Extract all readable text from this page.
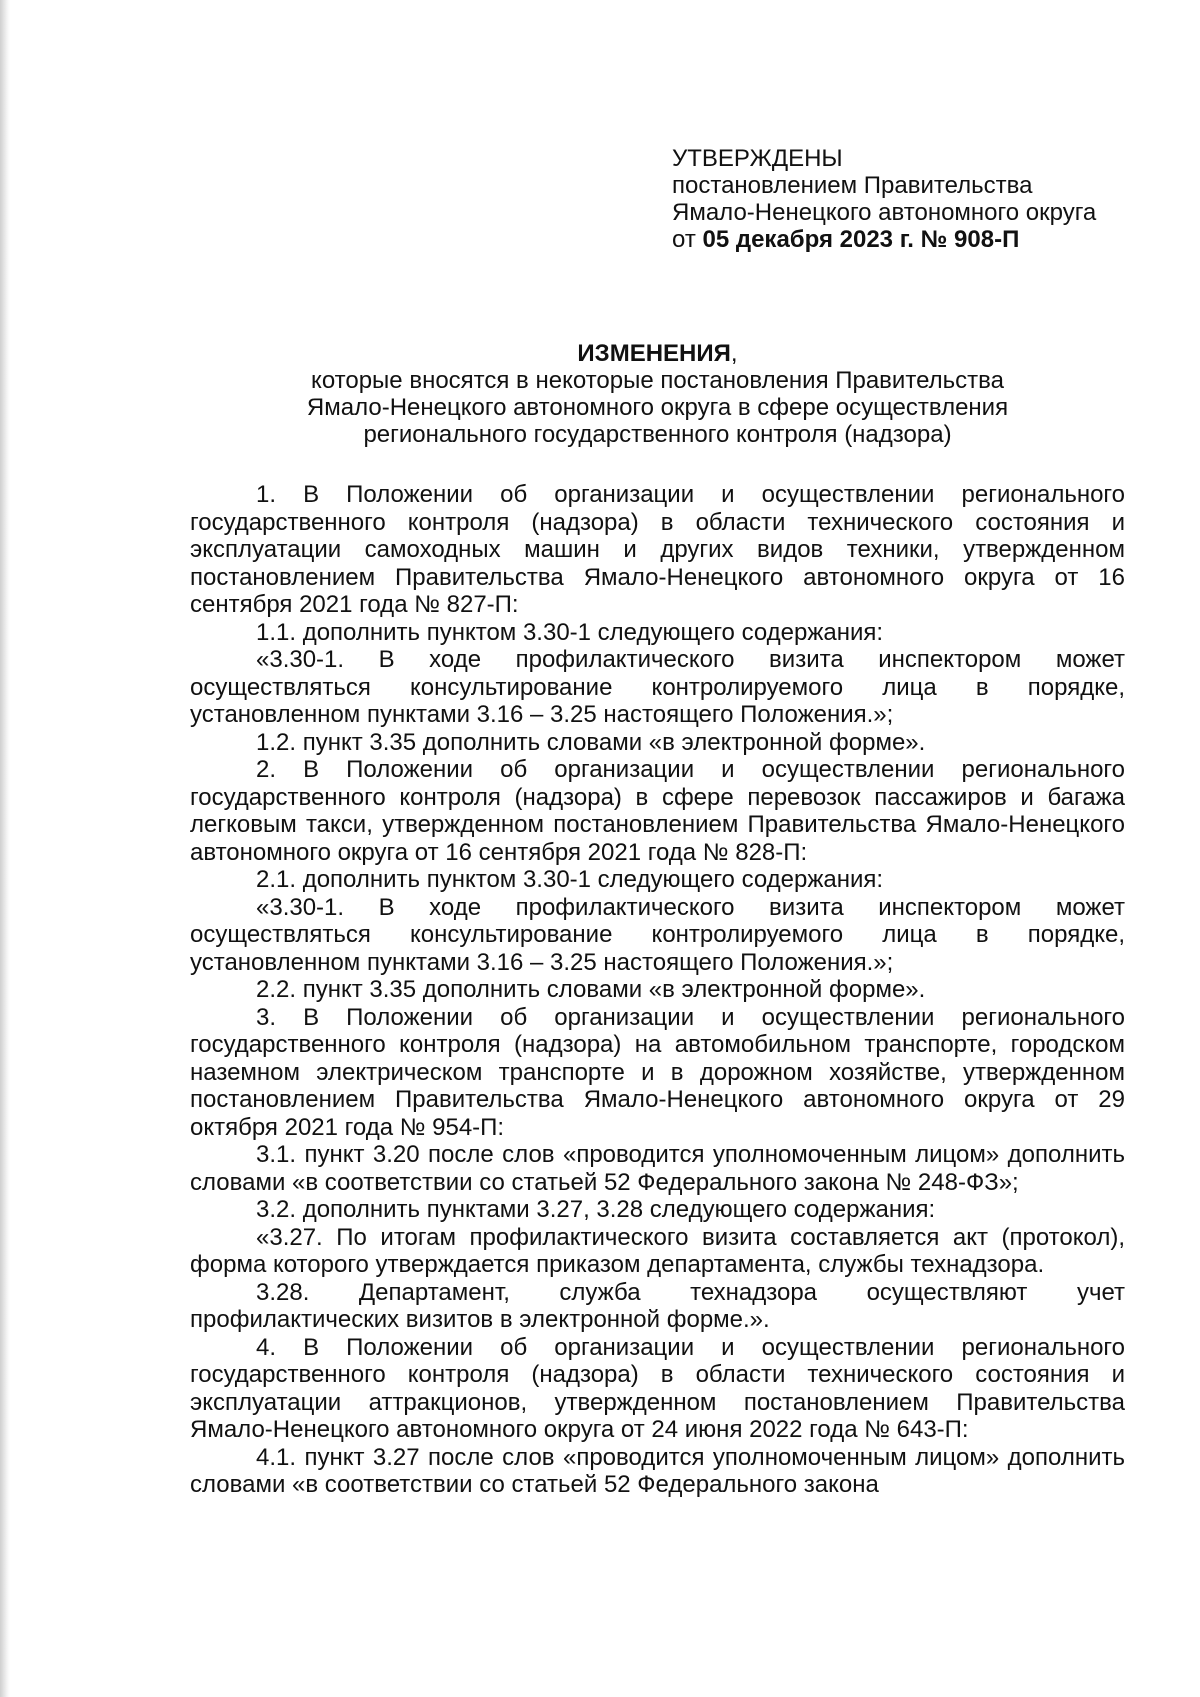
УТВЕРЖДЕНЫ

постановлением Правительства

Ямало-Ненецкого автономного округа

от 05 декабря 2023 г. № 908-П

ИЗМЕНЕНИЯ,

которые вносятся в некоторые постановления Правительства

Ямало-Ненецкого автономного округа в сфере осуществления

регионального государственного контроля (надзора)

1. В Положении об организации и осуществлении регионального государственного контроля (надзора) в области технического состояния и эксплуатации самоходных машин и других видов техники, утвержденном постановлением Правительства Ямало-Ненецкого автономного округа от 16 сентября 2021 года № 827-П:

1.1. дополнить пунктом 3.30-1 следующего содержания:

«3.30-1. В ходе профилактического визита инспектором может осуществляться консультирование контролируемого лица в порядке, установленном пунктами 3.16 – 3.25 настоящего Положения.»;

1.2. пункт 3.35 дополнить словами «в электронной форме».

2. В Положении об организации и осуществлении регионального государственного контроля (надзора) в сфере перевозок пассажиров и багажа легковым такси, утвержденном постановлением Правительства Ямало-Ненецкого автономного округа от 16 сентября 2021 года № 828-П:

2.1. дополнить пунктом 3.30-1 следующего содержания:

«3.30-1. В ходе профилактического визита инспектором может осуществляться консультирование контролируемого лица в порядке, установленном пунктами 3.16 – 3.25 настоящего Положения.»;

2.2. пункт 3.35 дополнить словами «в электронной форме».

3. В Положении об организации и осуществлении регионального государственного контроля (надзора) на автомобильном транспорте, городском наземном электрическом транспорте и в дорожном хозяйстве, утвержденном постановлением Правительства Ямало-Ненецкого автономного округа от 29 октября 2021 года № 954-П:

3.1. пункт 3.20 после слов «проводится уполномоченным лицом» дополнить словами «в соответствии со статьей 52 Федерального закона № 248-ФЗ»;

3.2. дополнить пунктами 3.27, 3.28 следующего содержания:

«3.27. По итогам профилактического визита составляется акт (протокол), форма которого утверждается приказом департамента, службы технадзора.

3.28. Департамент, служба технадзора осуществляют учет профилактических визитов в электронной форме.».

4. В Положении об организации и осуществлении регионального государственного контроля (надзора) в области технического состояния и эксплуатации аттракционов, утвержденном постановлением Правительства Ямало-Ненецкого автономного округа от 24 июня 2022 года № 643-П:

4.1. пункт 3.27 после слов «проводится уполномоченным лицом» дополнить словами «в соответствии со статьей 52 Федерального закона
